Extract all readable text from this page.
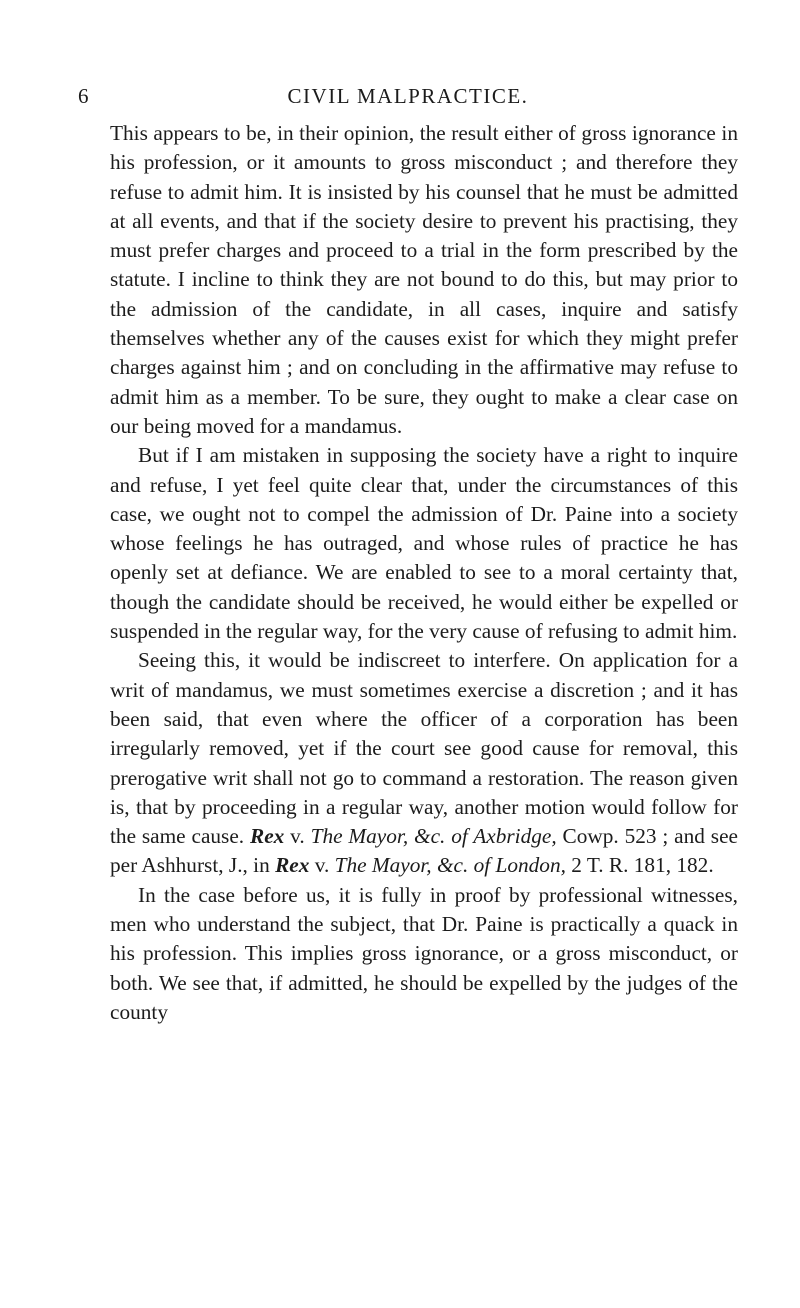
6	CIVIL MALPRACTICE.

This appears to be, in their opinion, the result either of gross ignorance in his profession, or it amounts to gross misconduct ; and therefore they refuse to admit him. It is insisted by his counsel that he must be admitted at all events, and that if the society desire to prevent his practising, they must prefer charges and proceed to a trial in the form prescribed by the statute. I incline to think they are not bound to do this, but may prior to the admission of the candidate, in all cases, inquire and satisfy themselves whether any of the causes exist for which they might prefer charges against him ; and on concluding in the affirmative may refuse to admit him as a member. To be sure, they ought to make a clear case on our being moved for a mandamus.

But if I am mistaken in supposing the society have a right to inquire and refuse, I yet feel quite clear that, under the circumstances of this case, we ought not to compel the admission of Dr. Paine into a society whose feelings he has outraged, and whose rules of practice he has openly set at defiance. We are enabled to see to a moral certainty that, though the candidate should be received, he would either be expelled or suspended in the regular way, for the very cause of refusing to admit him.

Seeing this, it would be indiscreet to interfere. On application for a writ of mandamus, we must sometimes exercise a discretion ; and it has been said, that even where the officer of a corporation has been irregularly removed, yet if the court see good cause for removal, this prerogative writ shall not go to command a restoration. The reason given is, that by proceeding in a regular way, another motion would follow for the same cause. Rex v. The Mayor, &c. of Axbridge, Cowp. 523 ; and see per Ashhurst, J., in Rex v. The Mayor, &c. of London, 2 T. R. 181, 182.

In the case before us, it is fully in proof by professional witnesses, men who understand the subject, that Dr. Paine is practically a quack in his profession. This implies gross ignorance, or a gross misconduct, or both. We see that, if admitted, he should be expelled by the judges of the county
